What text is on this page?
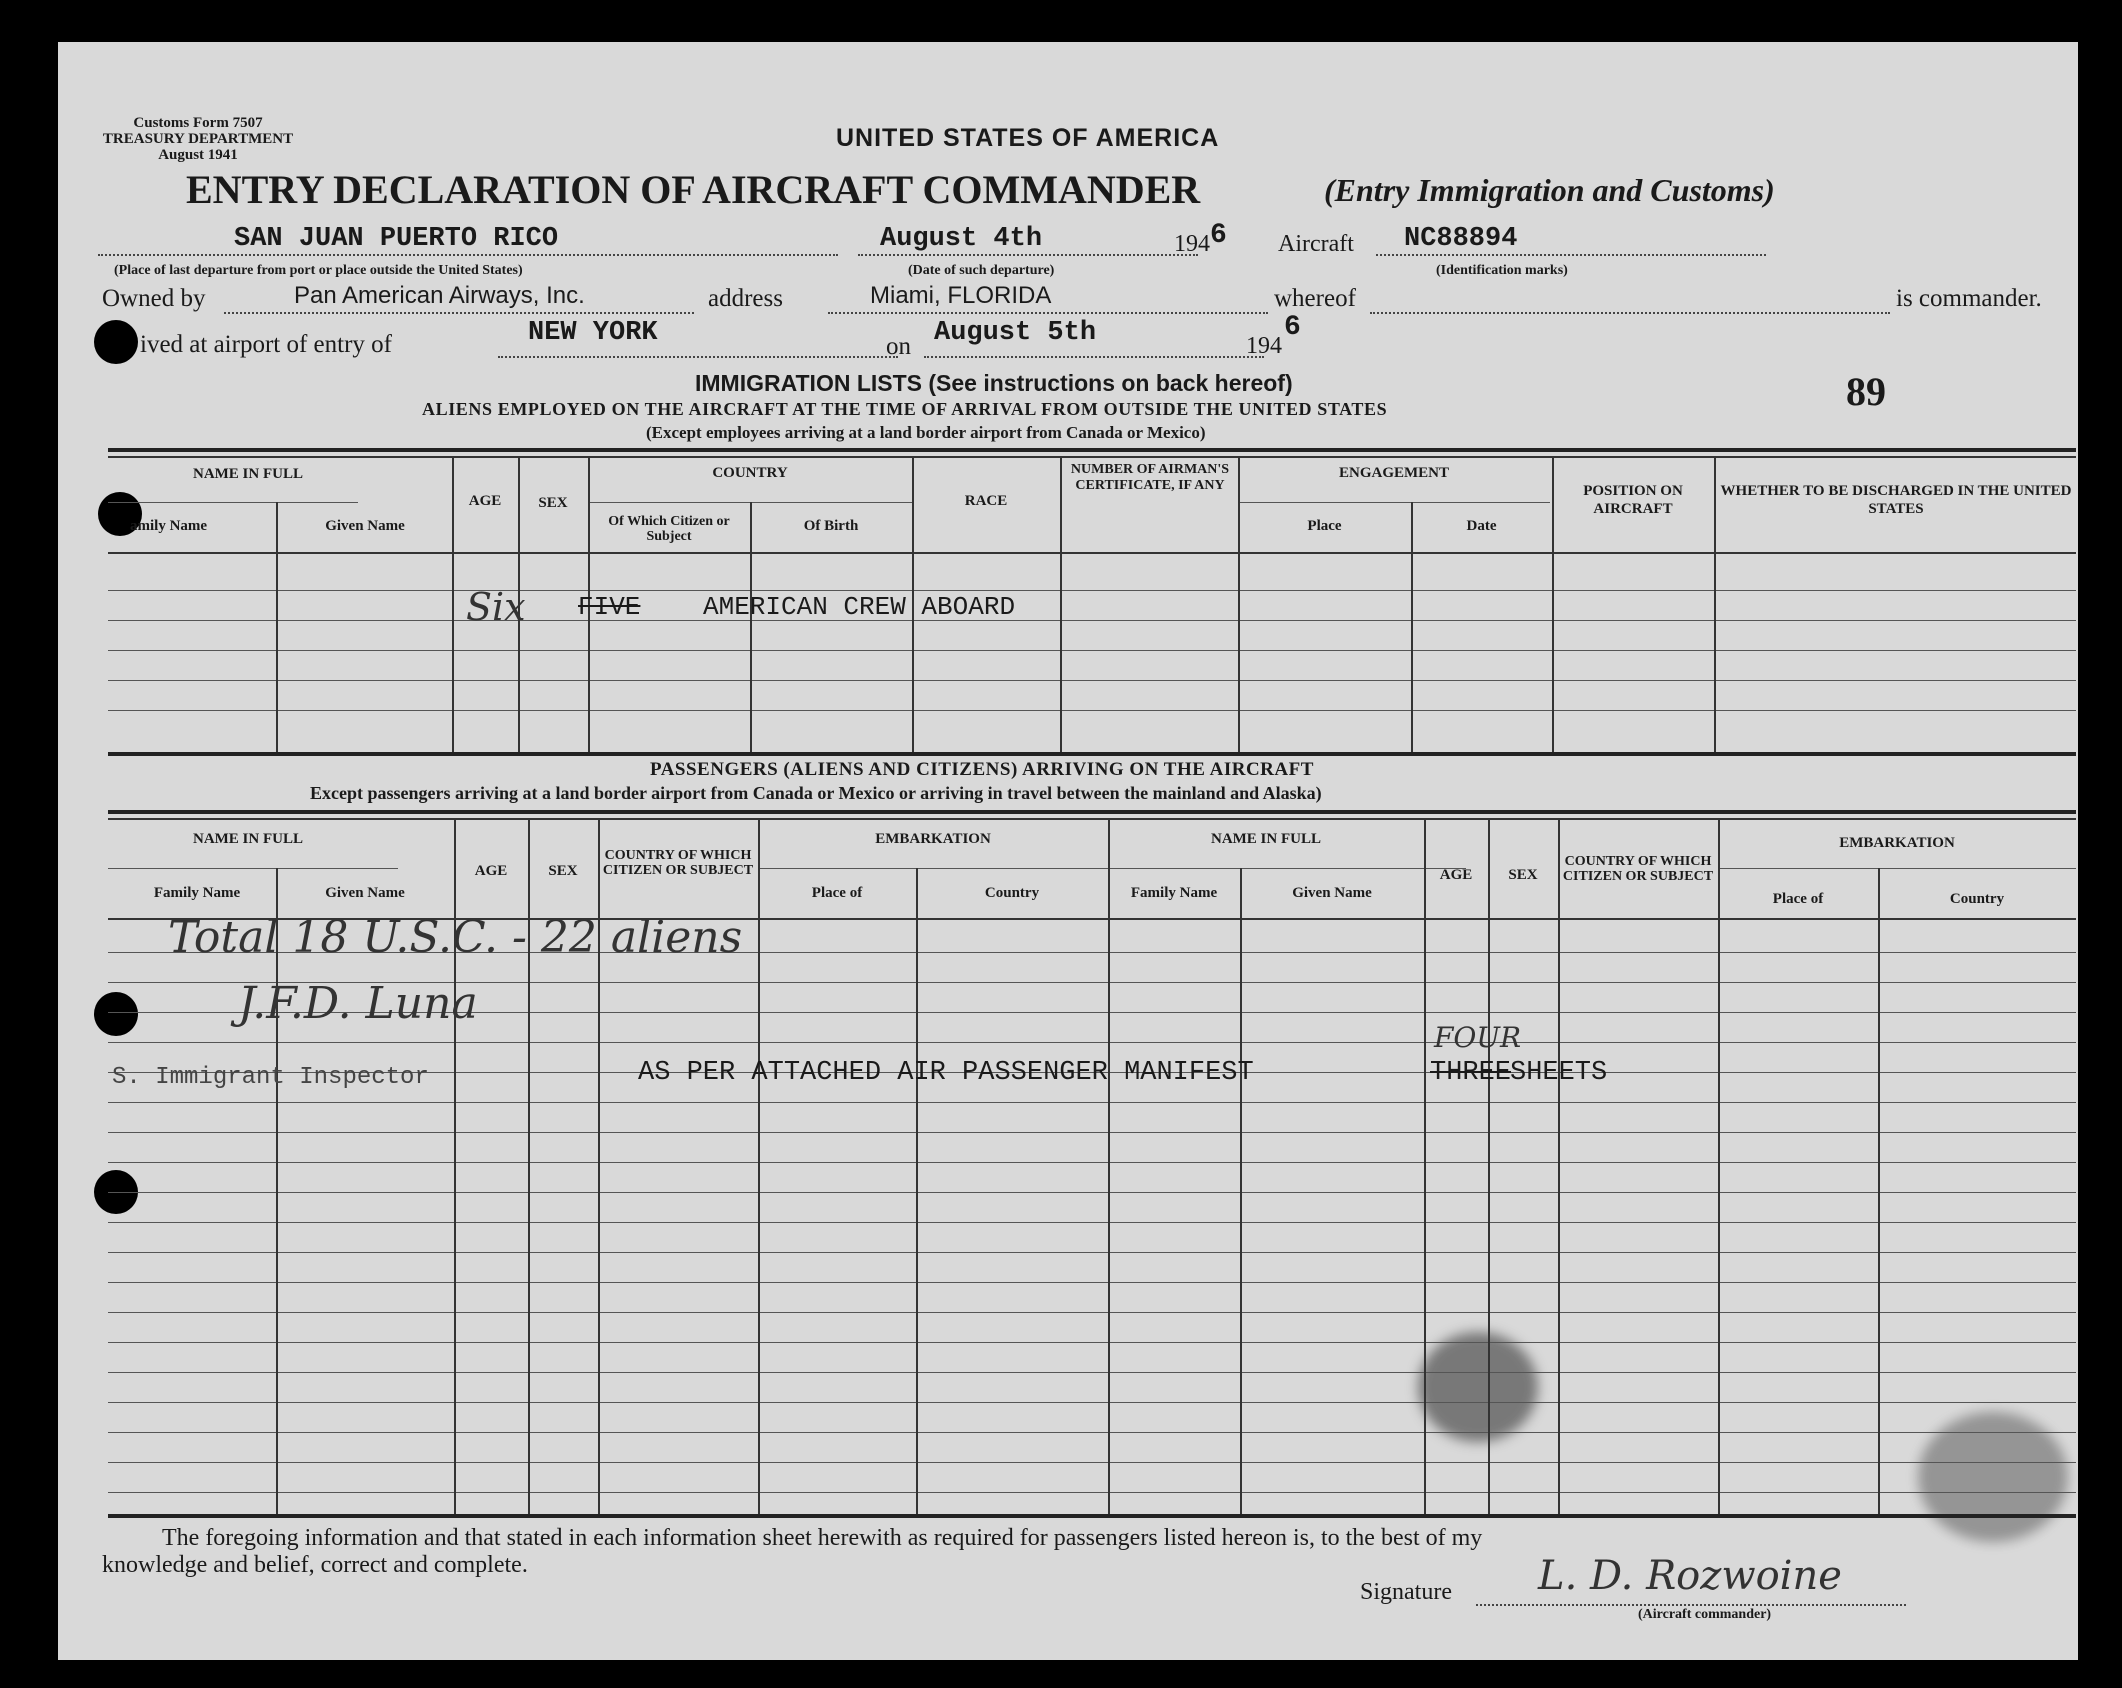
Customs Form 7507
TREASURY DEPARTMENT
August 1941
UNITED STATES OF AMERICA
ENTRY DECLARATION OF AIRCRAFT COMMANDER	(Entry Immigration and Customs)
SAN JUAN PUERTO RICO
(Place of last departure from port or place outside the United States)
August 4th
(Date of such departure)
194 6 Aircraft NC88894
(Identification marks)
Owned by	Pan American Airways, Inc.	address	Miami, FLORIDA	whereof	is commander.
ived at airport of entry of	NEW YORK	on August 5th	194
6
IMMIGRATION LISTS (See instructions on back hereof)
ALIENS EMPLOYED ON THE AIRCRAFT AT THE TIME OF ARRIVAL FROM OUTSIDE THE UNITED STATES
(Except employees arriving at a land border airport from Canada or Mexico)
89
NAME IN FULL
amily Name	Given Name
AGE	SEX
COUNTRY
Of Which Citizen or Subject
Of Birth
RACE
NUMBER OF AIRMAN'S CERTIFICATE, IF ANY
ENGAGEMENT
Place	Date
POSITION ON AIRCRAFT
WHETHER TO BE DISCHARGED IN THE UNITED STATES
Six FIVE AMERICAN CREW ABOARD
PASSENGERS (ALIENS AND CITIZENS) ARRIVING ON THE AIRCRAFT
Except passengers arriving at a land border airport from Canada or Mexico or arriving in travel between the mainland and Alaska)
NAME IN FULL
Family Name	Given Name
AGE	SEX
COUNTRY OF WHICH CITIZEN OR SUBJECT
EMBARKATION
Place of	Country
NAME IN FULL
Family Name	Given Name
AGE	SEX
COUNTRY OF WHICH CITIZEN OR SUBJECT
EMBARKATION
Place of	Country
Total 18 U.S.C. - 22 aliens
J.F.D. Luna
S. Immigrant Inspector	AS PER ATTACHED AIR PASSENGER MANIFEST	THREE
FOUR
SHEETS
The foregoing information and that stated in each information sheet herewith as required for passengers listed hereon is, to the best of my
knowledge and belief, correct and complete.
Signature L. D. Rozwoine
(Aircraft commander)
